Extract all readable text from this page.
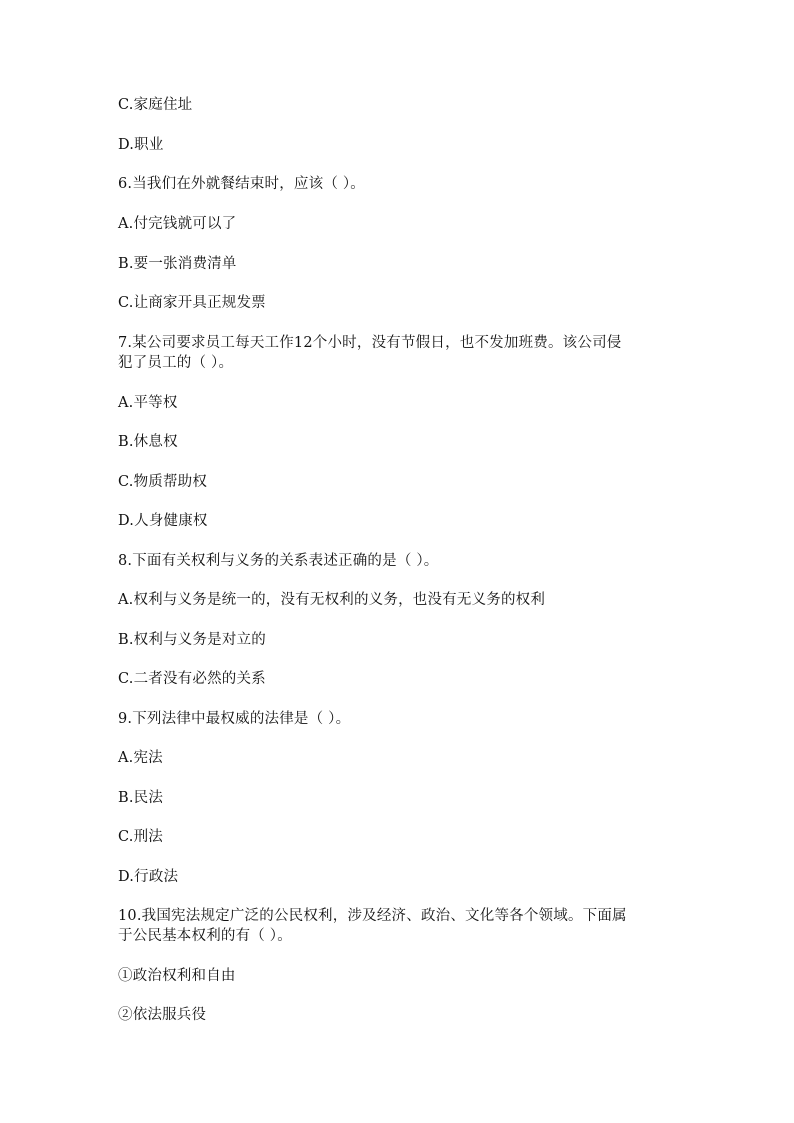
C.家庭住址
D.职业
6.当我们在外就餐结束时，应该（ ）。
A.付完钱就可以了
B.要一张消费清单
C.让商家开具正规发票
7.某公司要求员工每天工作12个小时，没有节假日，也不发加班费。该公司侵
犯了员工的（ ）。
A.平等权
B.休息权
C.物质帮助权
D.人身健康权
8.下面有关权利与义务的关系表述正确的是（ ）。
A.权利与义务是统一的，没有无权利的义务，也没有无义务的权利
B.权利与义务是对立的
C.二者没有必然的关系
9.下列法律中最权威的法律是（ ）。
A.宪法
B.民法
C.刑法
D.行政法
10.我国宪法规定广泛的公民权利，涉及经济、政治、文化等各个领域。下面属
于公民基本权利的有（ ）。
①政治权利和自由
②依法服兵役
